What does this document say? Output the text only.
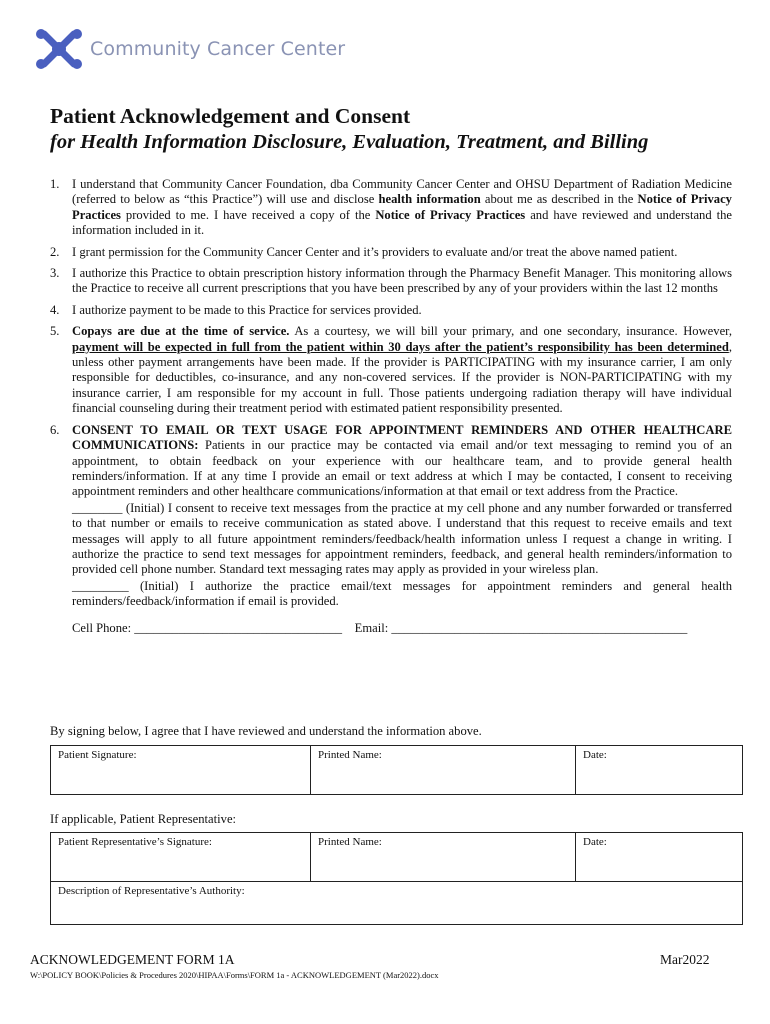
Community Cancer Center
Patient Acknowledgement and Consent
for Health Information Disclosure, Evaluation, Treatment, and Billing
1. I understand that Community Cancer Foundation, dba Community Cancer Center and OHSU Department of Radiation Medicine (referred to below as “this Practice”) will use and disclose health information about me as described in the Notice of Privacy Practices provided to me. I have received a copy of the Notice of Privacy Practices and have reviewed and understand the information included in it.
2. I grant permission for the Community Cancer Center and it’s providers to evaluate and/or treat the above named patient.
3. I authorize this Practice to obtain prescription history information through the Pharmacy Benefit Manager. This monitoring allows the Practice to receive all current prescriptions that you have been prescribed by any of your providers within the last 12 months
4. I authorize payment to be made to this Practice for services provided.
5. Copays are due at the time of service. As a courtesy, we will bill your primary, and one secondary, insurance. However, payment will be expected in full from the patient within 30 days after the patient’s responsibility has been determined, unless other payment arrangements have been made. If the provider is PARTICIPATING with my insurance carrier, I am only responsible for deductibles, co-insurance, and any non-covered services. If the provider is NON-PARTICIPATING with my insurance carrier, I am responsible for my account in full. Those patients undergoing radiation therapy will have individual financial counseling during their treatment period with estimated patient responsibility presented.
6. CONSENT TO EMAIL OR TEXT USAGE FOR APPOINTMENT REMINDERS AND OTHER HEALTHCARE COMMUNICATIONS: Patients in our practice may be contacted via email and/or text messaging to remind you of an appointment, to obtain feedback on your experience with our healthcare team, and to provide general health reminders/information. If at any time I provide an email or text address at which I may be contacted, I consent to receiving appointment reminders and other healthcare communications/information at that email or text address from the Practice.

________ (Initial) I consent to receive text messages from the practice at my cell phone and any number forwarded or transferred to that number or emails to receive communication as stated above. I understand that this request to receive emails and text messages will apply to all future appointment reminders/feedback/health information unless I request a change in writing. I authorize the practice to send text messages for appointment reminders, feedback, and general health reminders/information to provided cell phone number. Standard text messaging rates may apply as provided in your wireless plan.

_________ (Initial) I authorize the practice email/text messages for appointment reminders and general health reminders/feedback/information if email is provided.

Cell Phone: _________________________________ Email: _______________________________________________
By signing below, I agree that I have reviewed and understand the information above.
Patient Signature:	Printed Name:	Date:
If applicable, Patient Representative:
Patient Representative’s Signature:	Printed Name:	Date:
Description of Representative’s Authority:
ACKNOWLEDGEMENT FORM 1A	Mar2022
W:\POLICY BOOK\Policies & Procedures 2020\HIPAA\Forms\FORM 1a - ACKNOWLEDGEMENT (Mar2022).docx
